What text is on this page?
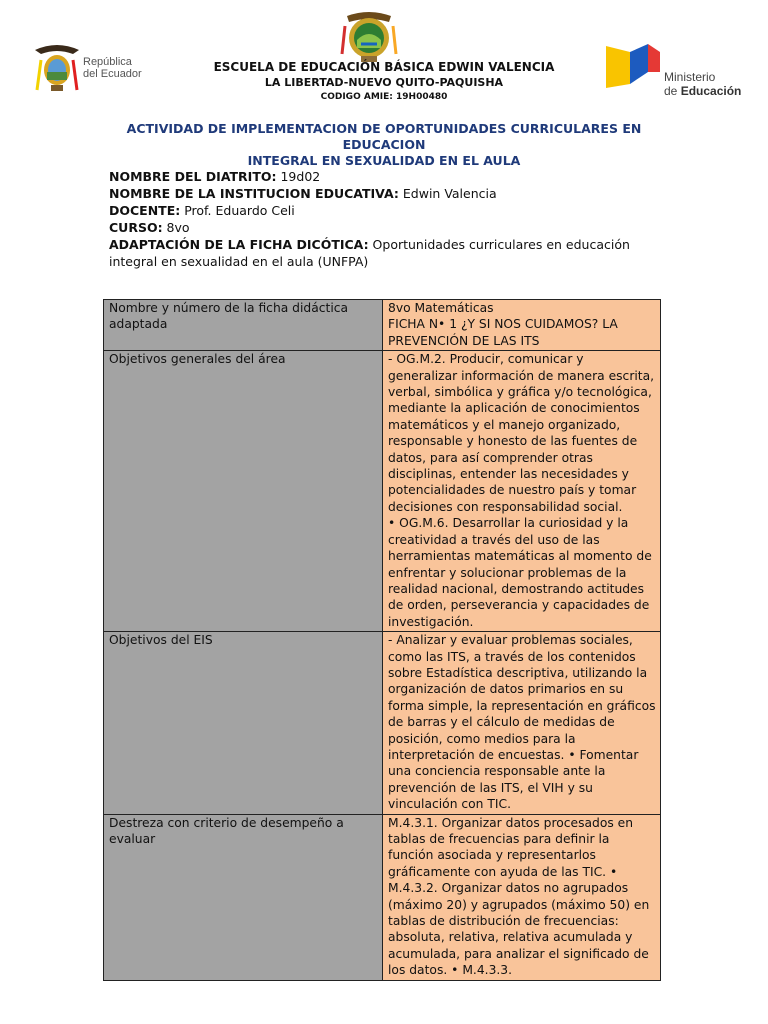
República
del Ecuador	Ministerio
de Educación
ESCUELA DE EDUCACIÓN BÁSICA EDWIN VALENCIA
LA LIBERTAD-NUEVO QUITO-PAQUISHA
CODIGO AMIE: 19H00480
ACTIVIDAD DE IMPLEMENTACION DE OPORTUNIDADES CURRICULARES EN EDUCACION
INTEGRAL EN SEXUALIDAD EN EL AULA
NOMBRE DEL DIATRITO: 19d02
NOMBRE DE LA INSTITUCION EDUCATIVA: Edwin Valencia
DOCENTE: Prof. Eduardo Celi
CURSO: 8vo
ADAPTACIÓN DE LA FICHA DICÓTICA: Oportunidades curriculares en educación integral en sexualidad en el aula (UNFPA)
Nombre y número de la ficha didáctica adaptada	8vo Matemáticas
FICHA N• 1 ¿Y SI NOS CUIDAMOS? LA PREVENCIÓN DE LAS ITS

Objetivos generales del área	- OG.M.2. Producir, comunicar y generalizar información de manera escrita, verbal, simbólica y gráfica y/o tecnológica, mediante la aplicación de conocimientos matemáticos y el manejo organizado, responsable y honesto de las fuentes de datos, para así comprender otras disciplinas, entender las necesidades y potencialidades de nuestro país y tomar decisiones con responsabilidad social.
• OG.M.6. Desarrollar la curiosidad y la creatividad a través del uso de las herramientas matemáticas al momento de enfrentar y solucionar problemas de la realidad nacional, demostrando actitudes de orden, perseverancia y capacidades de investigación.

Objetivos del EIS	- Analizar y evaluar problemas sociales, como las ITS, a través de los contenidos sobre Estadística descriptiva, utilizando la organización de datos primarios en su forma simple, la representación en gráficos de barras y el cálculo de medidas de posición, como medios para la interpretación de encuestas. • Fomentar una conciencia responsable ante la prevención de las ITS, el VIH y su vinculación con TIC.

Destreza con criterio de desempeño a evaluar	M.4.3.1. Organizar datos procesados en tablas de frecuencias para definir la función asociada y representarlos gráficamente con ayuda de las TIC. • M.4.3.2. Organizar datos no agrupados (máximo 20) y agrupados (máximo 50) en tablas de distribución de frecuencias: absoluta, relativa, relativa acumulada y acumulada, para analizar el significado de los datos. • M.4.3.3.
